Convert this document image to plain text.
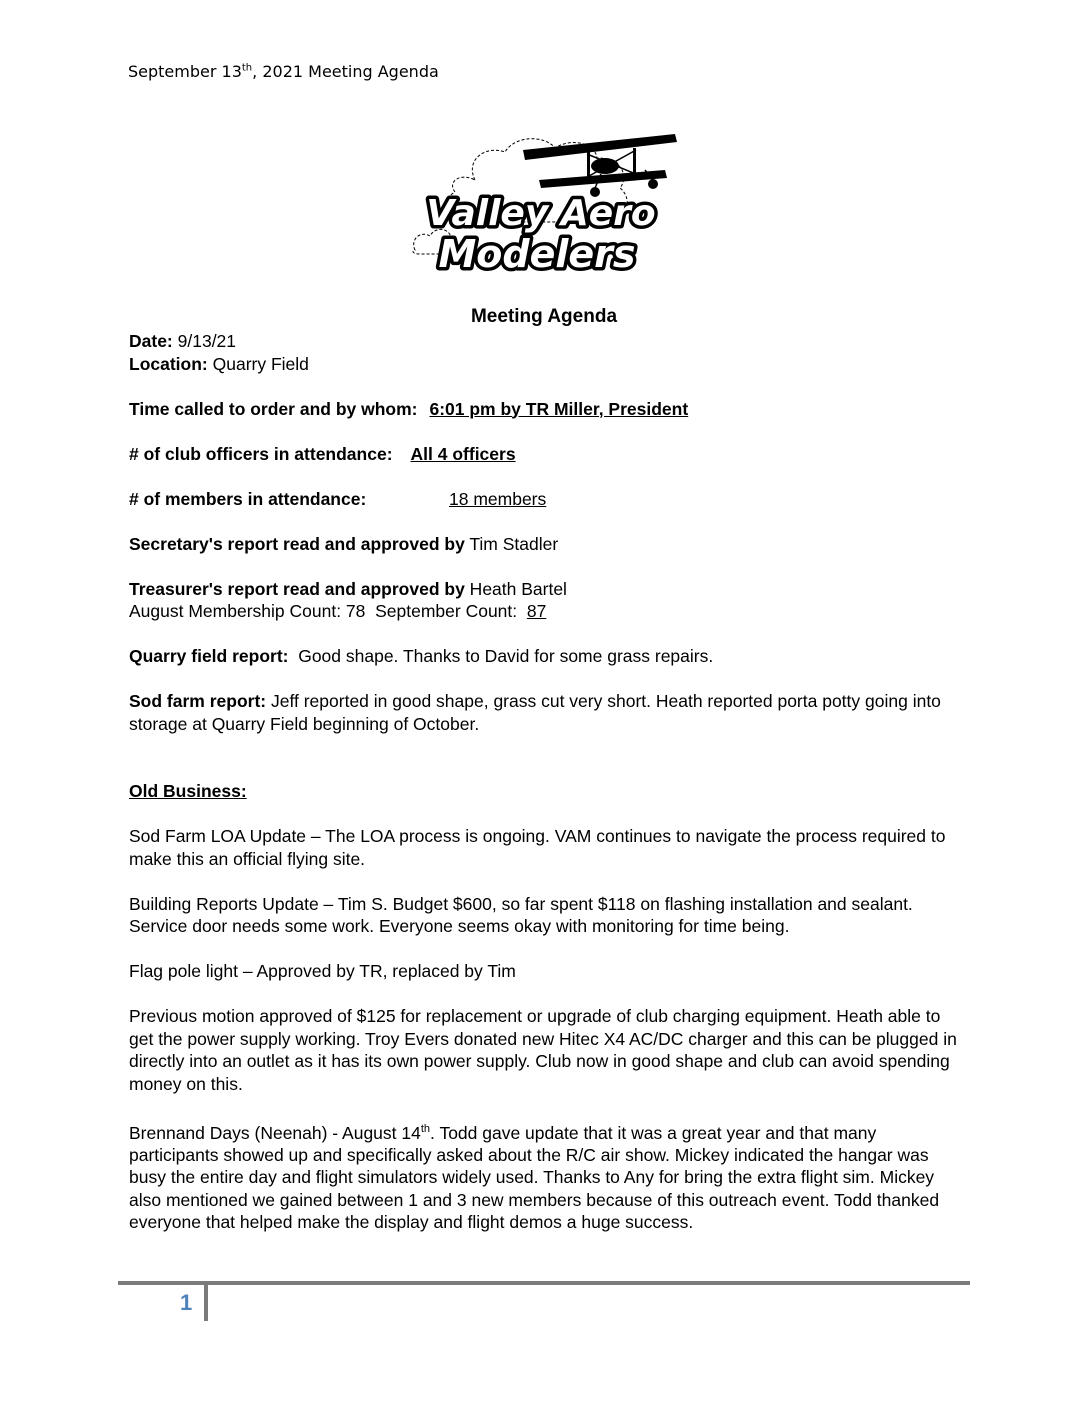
September 13th, 2021 Meeting Agenda
Valley Aero
Modelers
Meeting Agenda

Date: 9/13/21

Location: Quarry Field

Time called to order and by whom: 6:01 pm by TR Miller, President

# of club officers in attendance: All 4 officers

# of members in attendance:	18 members

Secretary's report read and approved by Tim Stadler

Treasurer's report read and approved by Heath Bartel

August Membership Count: 78  September Count:  87

Quarry field report:  Good shape. Thanks to David for some grass repairs.

Sod farm report: Jeff reported in good shape, grass cut very short. Heath reported porta potty going into storage at Quarry Field beginning of October.

Old Business:

Sod Farm LOA Update – The LOA process is ongoing. VAM continues to navigate the process required to make this an official flying site.

Building Reports Update – Tim S. Budget $600, so far spent $118 on flashing installation and sealant. Service door needs some work. Everyone seems okay with monitoring for time being.

Flag pole light – Approved by TR, replaced by Tim

Previous motion approved of $125 for replacement or upgrade of club charging equipment. Heath able to get the power supply working. Troy Evers donated new Hitec X4 AC/DC charger and this can be plugged in directly into an outlet as it has its own power supply. Club now in good shape and club can avoid spending money on this.

Brennand Days (Neenah) - August 14th. Todd gave update that it was a great year and that many participants showed up and specifically asked about the R/C air show. Mickey indicated the hangar was busy the entire day and flight simulators widely used. Thanks to Any for bring the extra flight sim. Mickey also mentioned we gained between 1 and 3 new members because of this outreach event. Todd thanked everyone that helped make the display and flight demos a huge success.

1
